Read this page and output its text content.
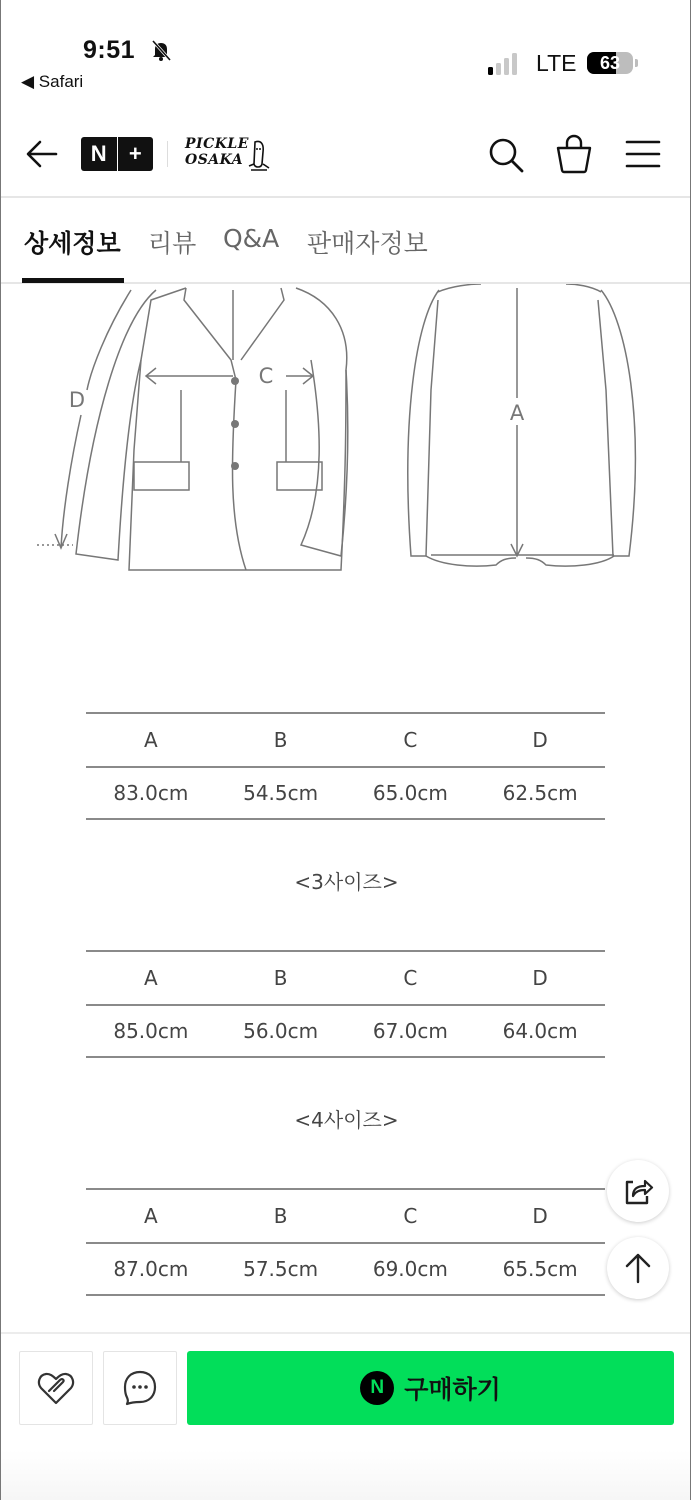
9:51
◀ Safari
LTE	63
N	+	PICKLE
OSAKA
상세정보 리뷰 Q&A 판매자정보
C
D
A
A	B	C	D
83.0cm	54.5cm	65.0cm	62.5cm
<3사이즈>
A	B	C	D
85.0cm	56.0cm	67.0cm	64.0cm
<4사이즈>
A	B	C	D
87.0cm	57.5cm	69.0cm	65.5cm
N 구매하기
